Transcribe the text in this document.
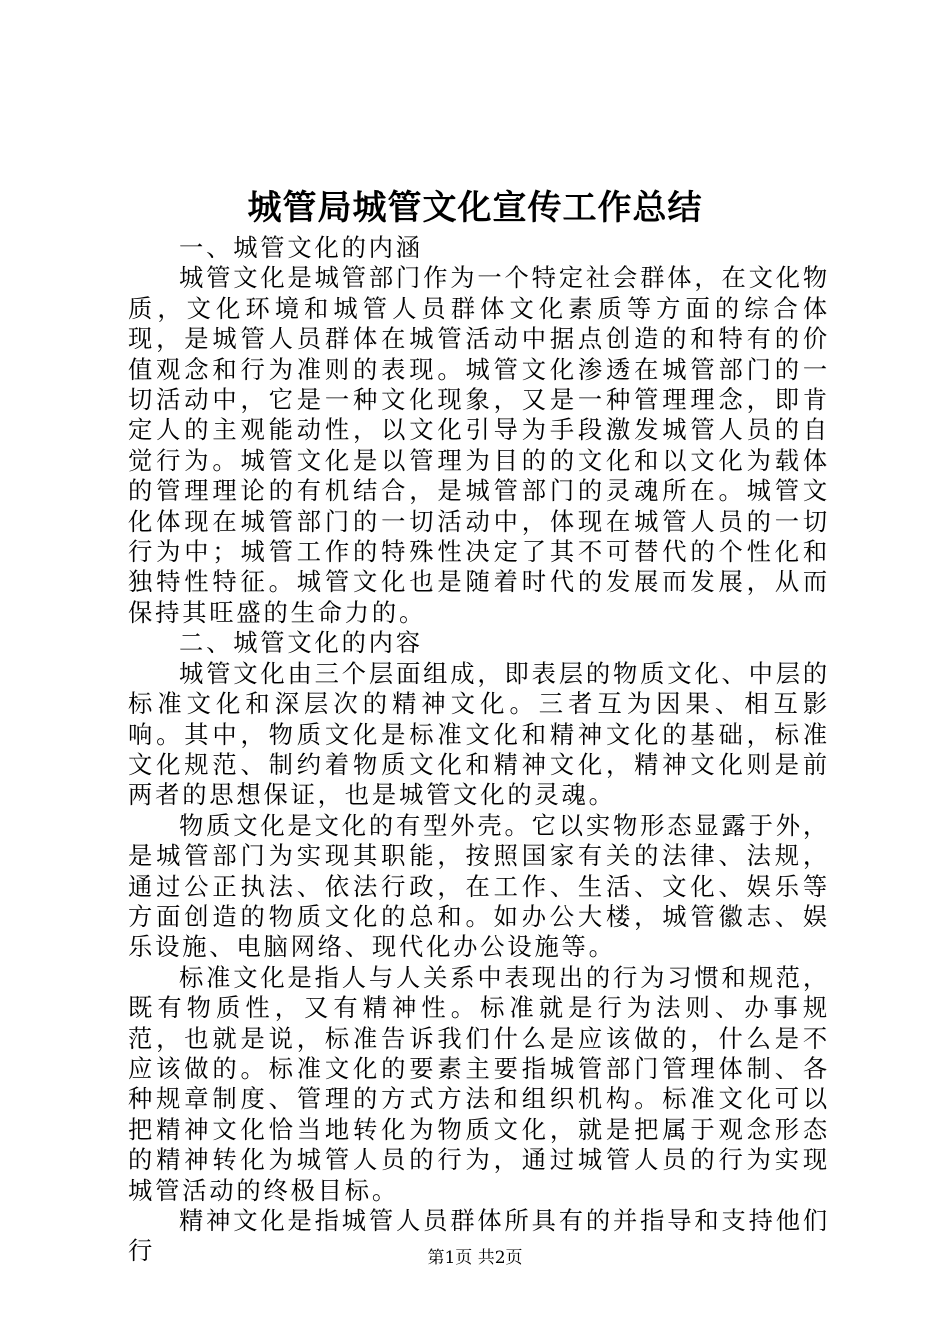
城管局城管文化宣传工作总结

一、城管文化的内涵

城管文化是城管部门作为一个特定社会群体，在文化物质，文化环境和城管人员群体文化素质等方面的综合体现，是城管人员群体在城管活动中据点创造的和特有的价值观念和行为准则的表现。城管文化渗透在城管部门的一切活动中，它是一种文化现象，又是一种管理理念，即肯定人的主观能动性，以文化引导为手段激发城管人员的自觉行为。城管文化是以管理为目的的文化和以文化为载体的管理理论的有机结合，是城管部门的灵魂所在。城管文化体现在城管部门的一切活动中，体现在城管人员的一切行为中；城管工作的特殊性决定了其不可替代的个性化和独特性特征。城管文化也是随着时代的发展而发展，从而保持其旺盛的生命力的。

二、城管文化的内容

城管文化由三个层面组成，即表层的物质文化、中层的标准文化和深层次的精神文化。三者互为因果、相互影响。其中，物质文化是标准文化和精神文化的基础，标准文化规范、制约着物质文化和精神文化，精神文化则是前两者的思想保证，也是城管文化的灵魂。

物质文化是文化的有型外壳。它以实物形态显露于外，是城管部门为实现其职能，按照国家有关的法律、法规，通过公正执法、依法行政，在工作、生活、文化、娱乐等方面创造的物质文化的总和。如办公大楼，城管徽志、娱乐设施、电脑网络、现代化办公设施等。

标准文化是指人与人关系中表现出的行为习惯和规范，既有物质性，又有精神性。标准就是行为法则、办事规范，也就是说，标准告诉我们什么是应该做的，什么是不应该做的。标准文化的要素主要指城管部门管理体制、各种规章制度、管理的方式方法和组织机构。标准文化可以把精神文化恰当地转化为物质文化，就是把属于观念形态的精神转化为城管人员的行为，通过城管人员的行为实现城管活动的终极目标。

精神文化是指城管人员群体所具有的并指导和支持他们行	第1页 共2页
